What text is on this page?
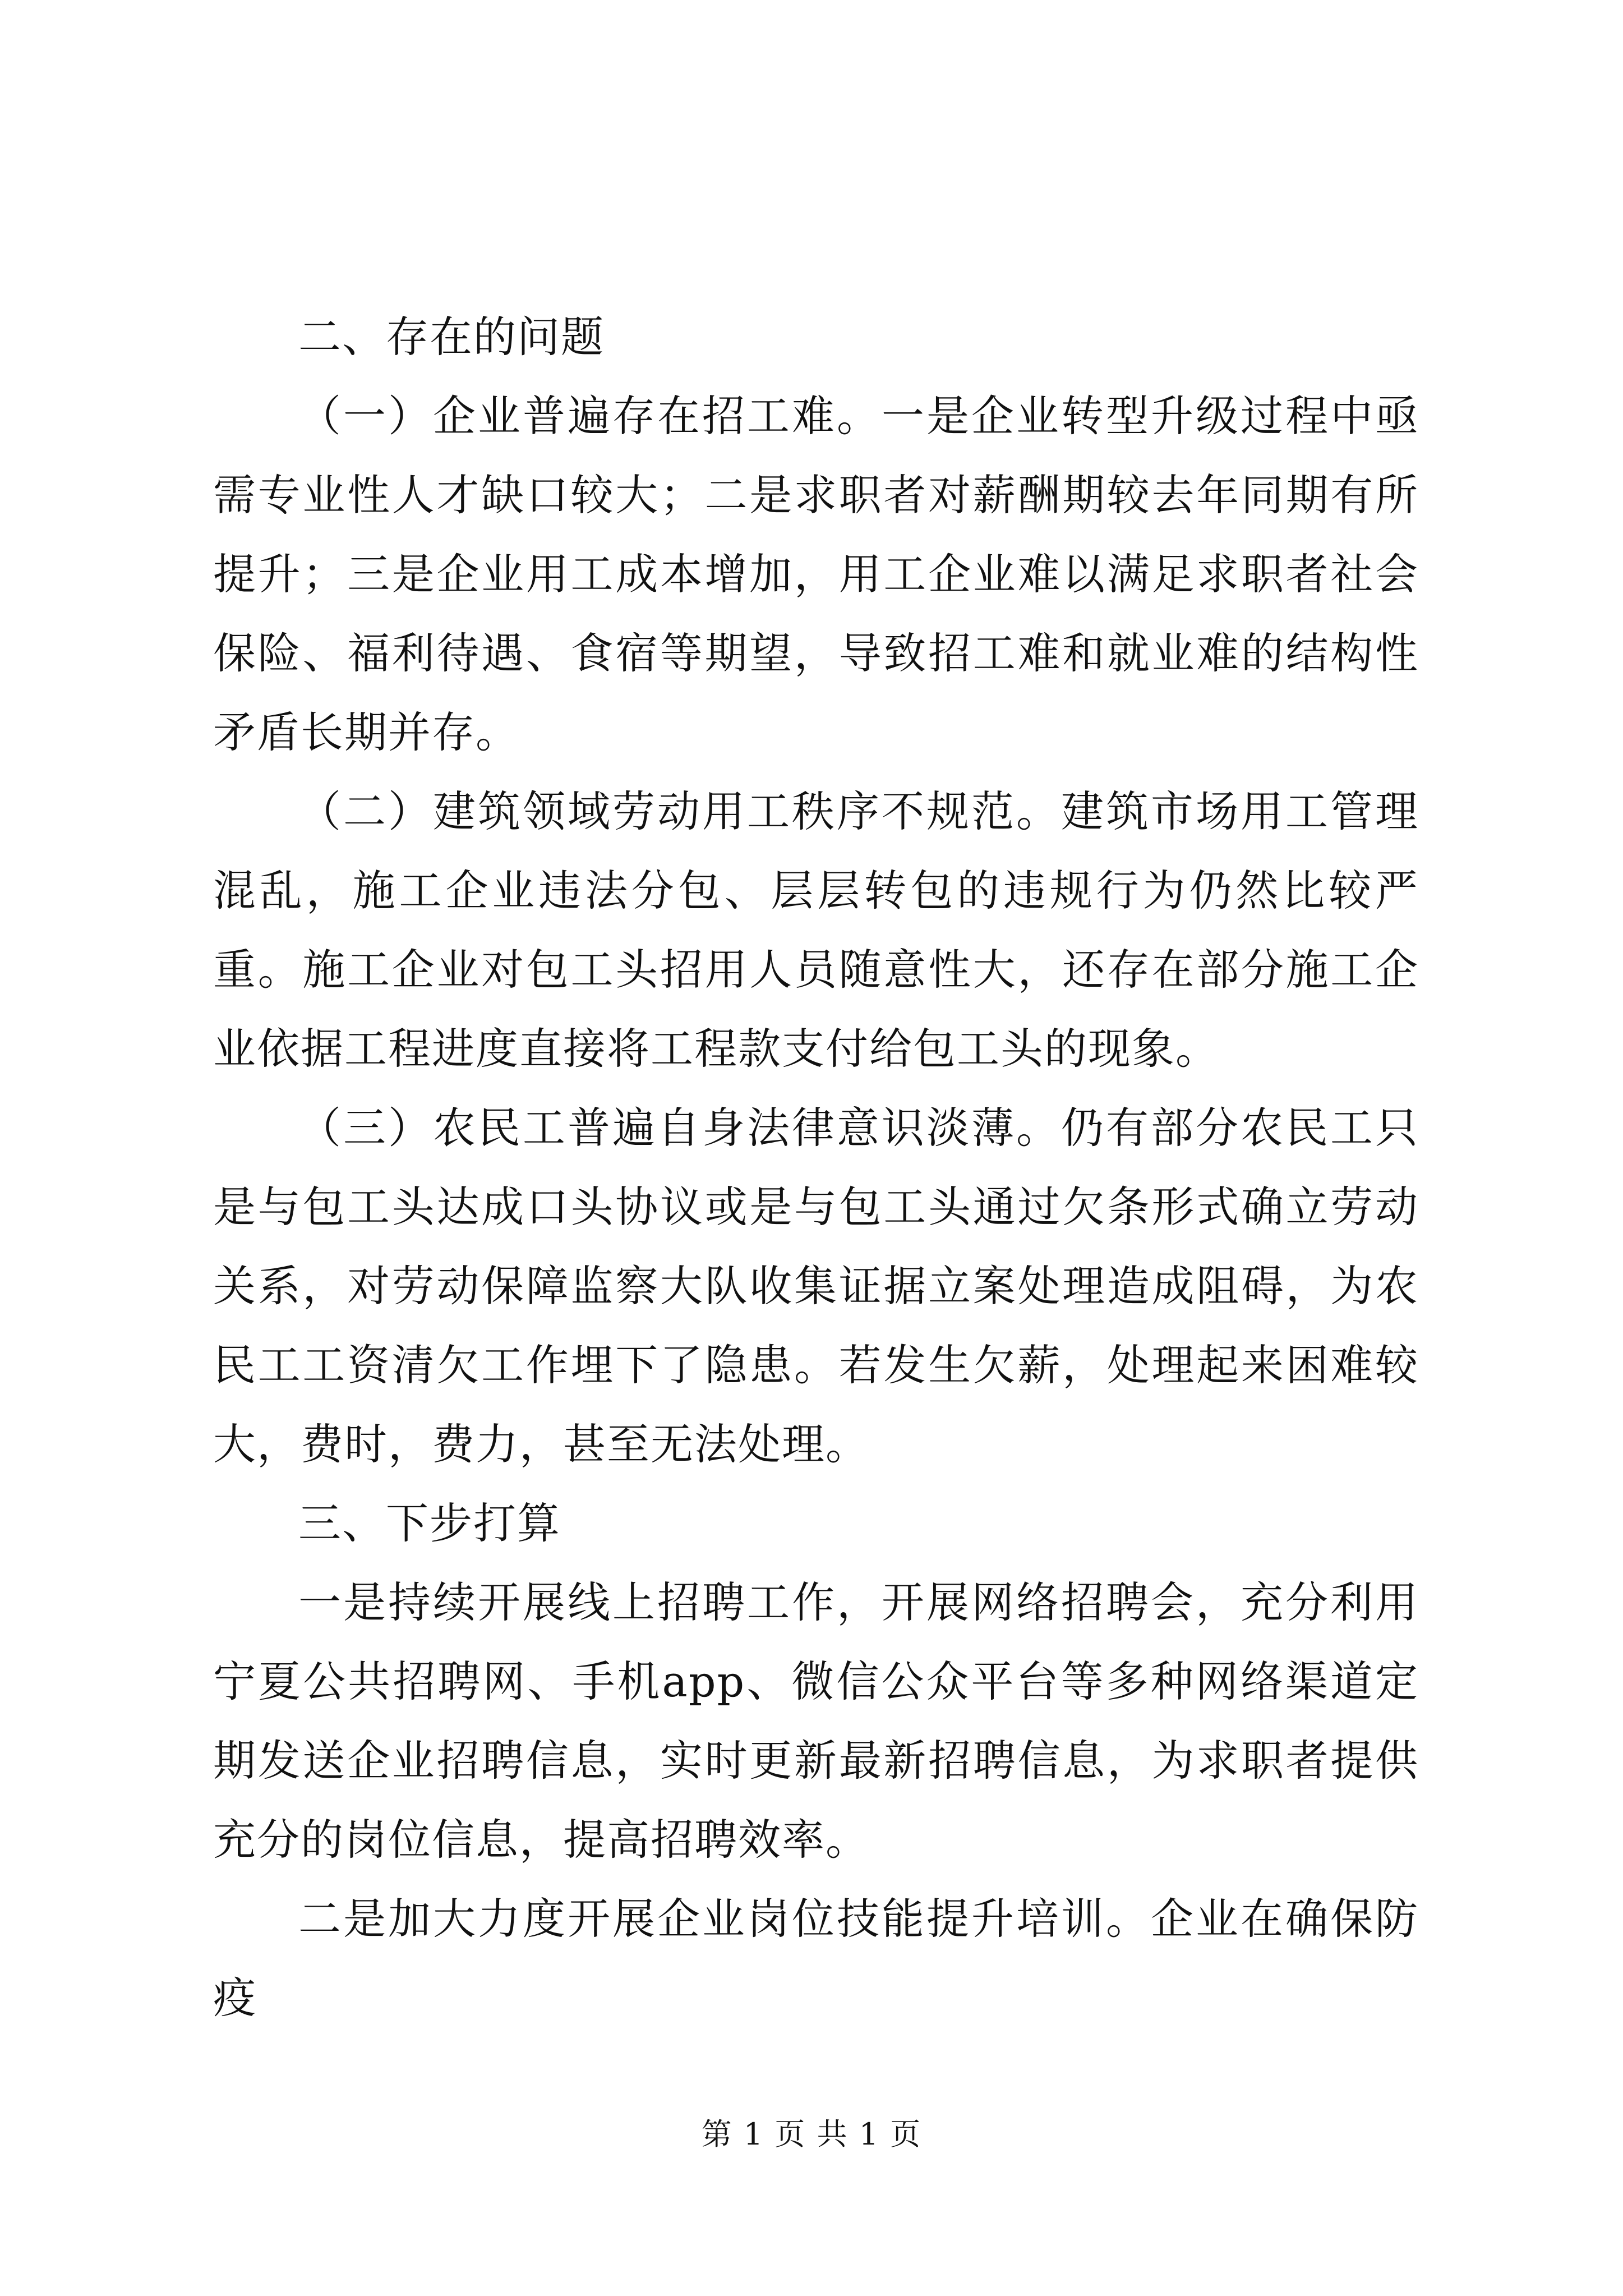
二、存在的问题

（一）企业普遍存在招工难。一是企业转型升级过程中亟需专业性人才缺口较大；二是求职者对薪酬期较去年同期有所提升；三是企业用工成本增加，用工企业难以满足求职者社会保险、福利待遇、食宿等期望，导致招工难和就业难的结构性矛盾长期并存。

（二）建筑领域劳动用工秩序不规范。建筑市场用工管理混乱，施工企业违法分包、层层转包的违规行为仍然比较严重。施工企业对包工头招用人员随意性大，还存在部分施工企业依据工程进度直接将工程款支付给包工头的现象。

（三）农民工普遍自身法律意识淡薄。仍有部分农民工只是与包工头达成口头协议或是与包工头通过欠条形式确立劳动关系，对劳动保障监察大队收集证据立案处理造成阻碍，为农民工工资清欠工作埋下了隐患。若发生欠薪，处理起来困难较大，费时，费力，甚至无法处理。

三、下步打算

一是持续开展线上招聘工作，开展网络招聘会，充分利用宁夏公共招聘网、手机app、微信公众平台等多种网络渠道定期发送企业招聘信息，实时更新最新招聘信息，为求职者提供充分的岗位信息，提高招聘效率。

二是加大力度开展企业岗位技能提升培训。企业在确保防疫

第 1 页 共 1 页
